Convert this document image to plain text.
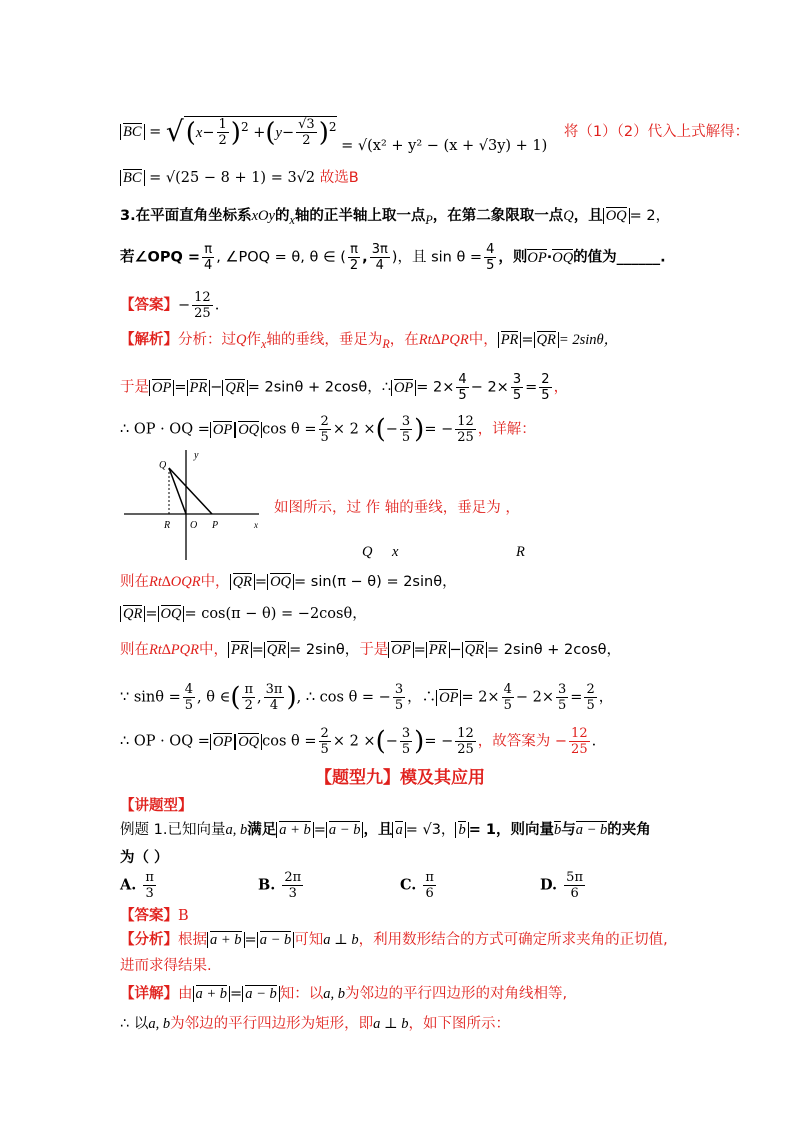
BC = $√(x- \frac{1}{2} )^2 +(y- \frac{√3}{2} )^2 = √(x^2 + y^2 - (x + √3y) + 1)$ 将（1）（2）代入上式解得：
BC = √(25 − 8 + 1) = 3√2 故选B
3.在平面直角坐标系xOy的$_x$轴的正半轴上取一点$_P$，在第二象限取一点Q，且 OQ = 2，
若∠OPQ = $\frac{\pi}{4}$ , ∠POQ = θ, θ ∈ ( $\frac{\pi}{2}$ , $\frac{3\pi}{4}$ )，且 $\sin \theta = \frac{4}{5}$ ，则OP·OQ的值为______.
【答案】− $\frac{12}{25}$ .
【解析】分析：过Q作$_x$轴的垂线，垂足为$_R$，在Rt∆PQR中， PR = QR = 2sinθ，
于是 OP = PR − QR = 2sinθ + 2cosθ，∴ OP = $2\times \frac{4}{5} - 2\times \frac{3}{5} = \frac{2}{5}$ ，
∴ OP · OQ = OP OQ $\cos \theta = \frac{2}{5} \times 2$ ×(− $\frac{3}{5}$ )= − $\frac{12}{25}$ ，详解：
Q
y
R O P	x
如图所示，过 作 轴的垂线，垂足为 ，
Q x	R
则在Rt∆OQR中， QR = OQ = sin(π − θ) = 2sinθ，
QR = OQ = cos(π − θ) = −2cosθ，
则在Rt∆PQR中， PR = QR = 2sinθ，于是 OP = PR − QR = 2sinθ + 2cosθ，
∵ $\sin\theta = \frac{4}{5}$ , θ ∈( $\frac{\pi}{2}$ , $\frac{3\pi}{4}$ ), ∴ cos θ = − $\frac{3}{5}$ ，∴ OP = $2\times \frac{4}{5} - 2\times \frac{3}{5} = \frac{2}{5}$ ，
∴ OP · OQ = OP OQ $\cos \theta = \frac{2}{5} \times 2$ ×(− $\frac{3}{5}$ )= − $\frac{12}{25}$ ，故答案为 − $\frac{12}{25}$ .
【题型九】模及其应用
【讲题型】
例题 1.已知向量a, b满足 a + b = a − b ，且 a = √3， b = 1，则向量b与a − b的夹角
为（ ）
A. $\frac{\pi}{3}$	B. $\frac{2\pi}{3}$	C. $\frac{\pi}{6}$	D. $\frac{5\pi}{6}$
【答案】B
【分析】根据 a + b = a − b 可知a ⊥ b，利用数形结合的方式可确定所求夹角的正切值,
进而求得结果.
【详解】由 a + b = a − b 知：以a, b为邻边的平行四边形的对角线相等,
∴ 以a, b为邻边的平行四边形为矩形，即a ⊥ b，如下图所示：
